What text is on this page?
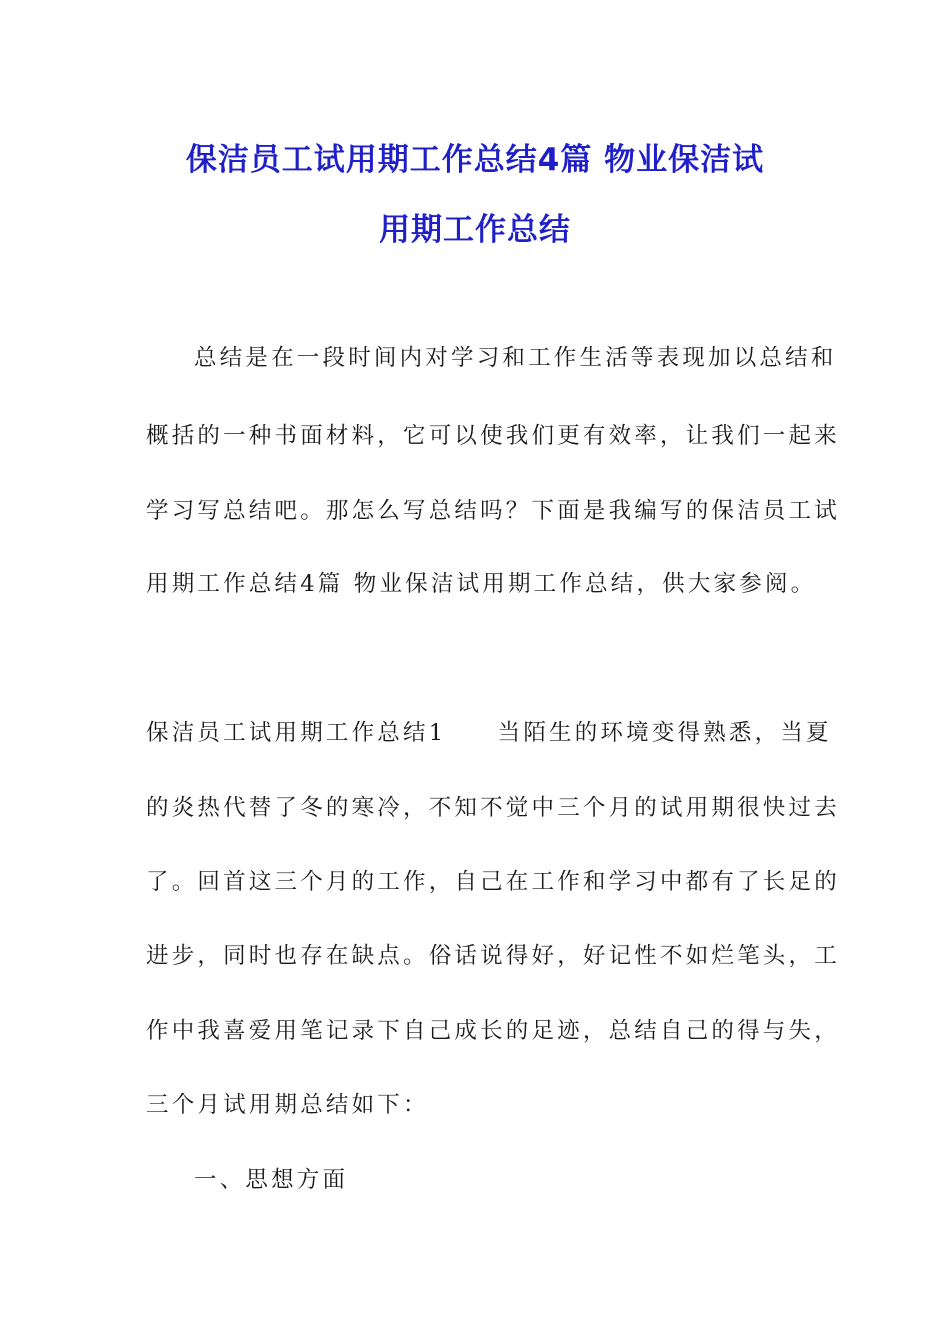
保洁员工试用期工作总结4篇 物业保洁试
用期工作总结

总结是在一段时间内对学习和工作生活等表现加以总结和

概括的一种书面材料，它可以使我们更有效率，让我们一起来

学习写总结吧。那怎么写总结吗？下面是我编写的保洁员工试

用期工作总结4篇 物业保洁试用期工作总结，供大家参阅。

保洁员工试用期工作总结1　　当陌生的环境变得熟悉，当夏

的炎热代替了冬的寒冷，不知不觉中三个月的试用期很快过去

了。回首这三个月的工作，自己在工作和学习中都有了长足的

进步，同时也存在缺点。俗话说得好，好记性不如烂笔头，工

作中我喜爱用笔记录下自己成长的足迹，总结自己的得与失，

三个月试用期总结如下：

一、思想方面
